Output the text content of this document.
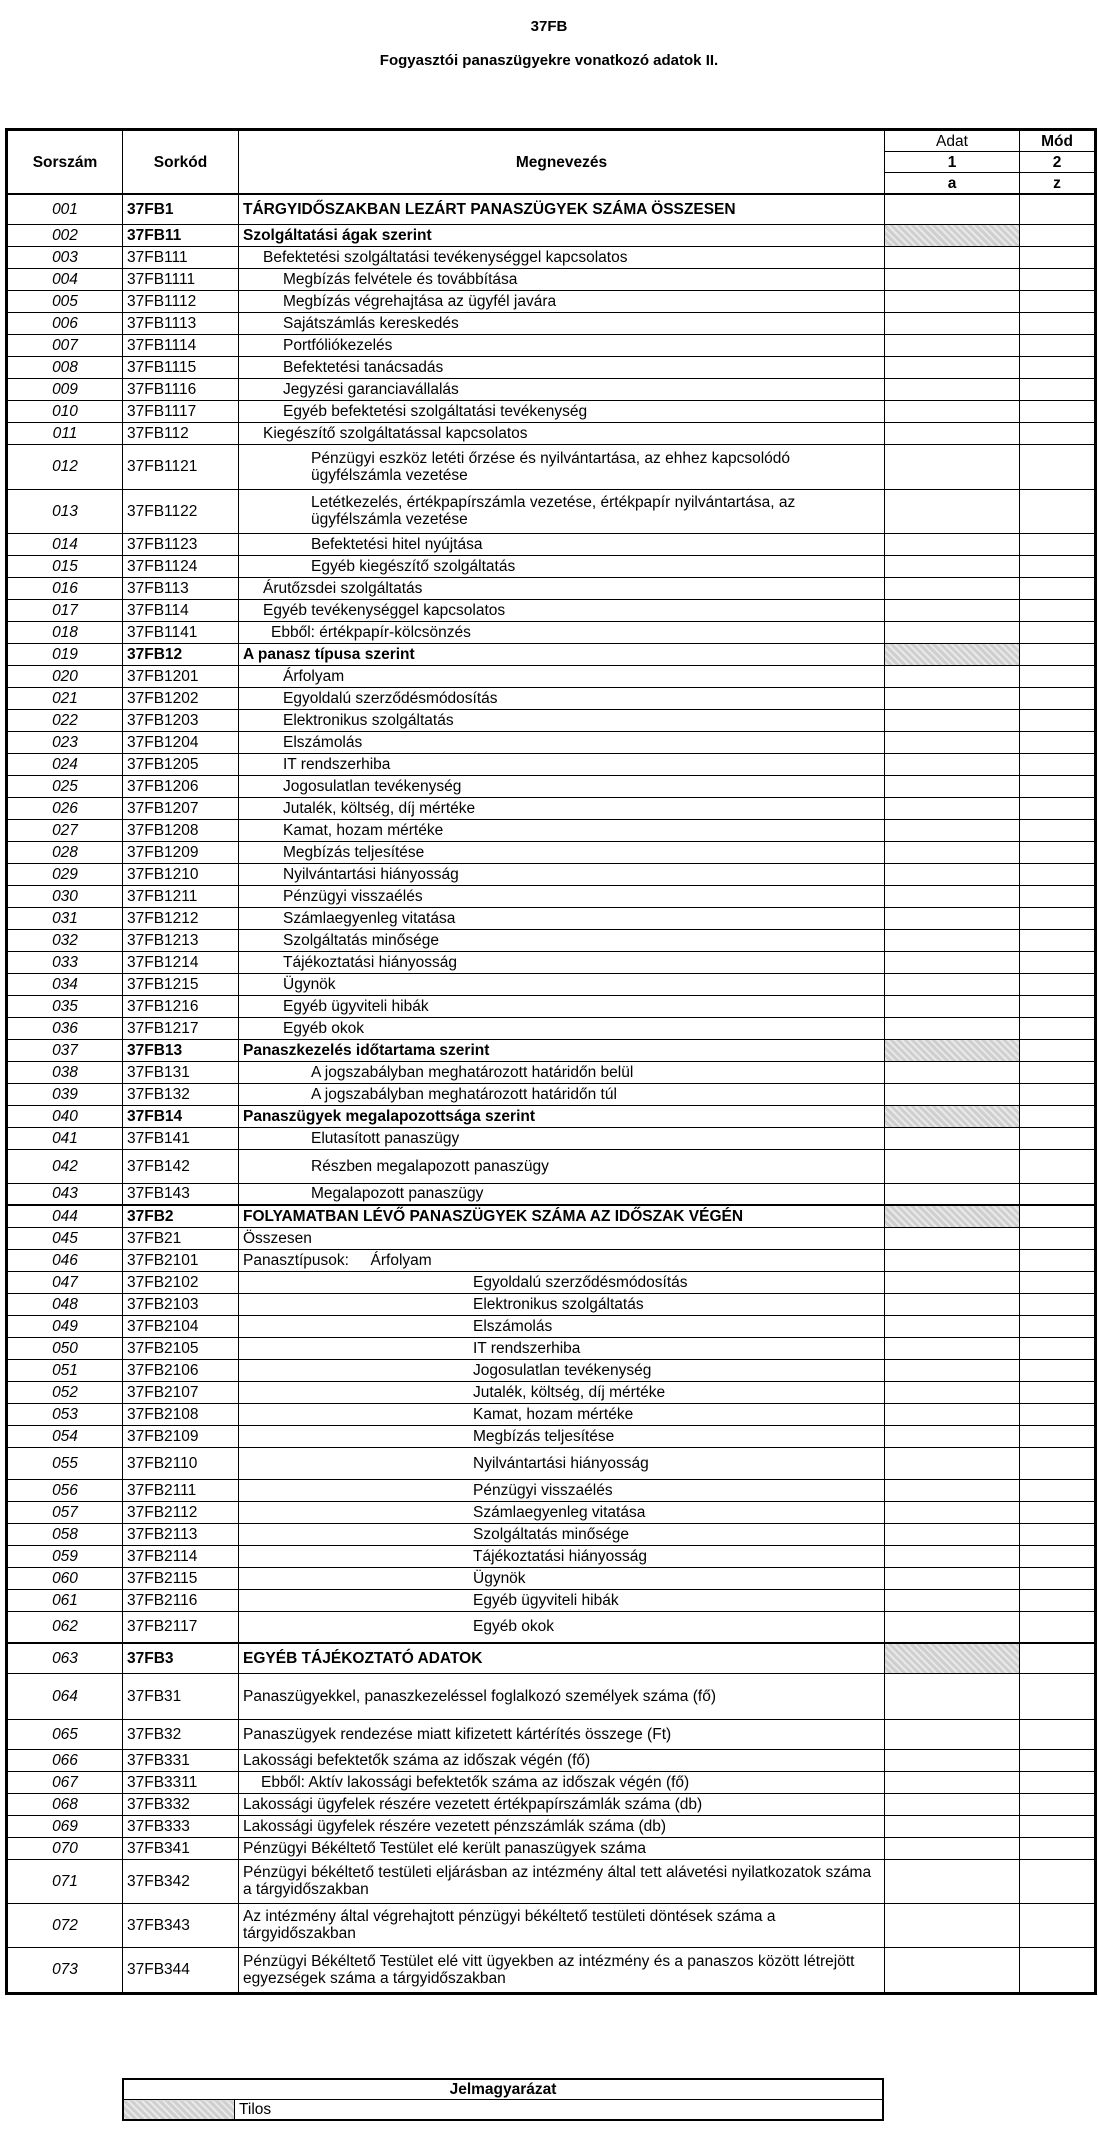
37FB
Fogyasztói panaszügyekre vonatkozó adatok II.
Sorszám	Sorkód	Megnevezés	Adat	Mód
			1	2
			a	z
001	37FB1	TÁRGYIDŐSZAKBAN LEZÁRT PANASZÜGYEK SZÁMA ÖSSZESEN		
002	37FB11	Szolgáltatási ágak szerint		
003	37FB111	Befektetési szolgáltatási tevékenységgel kapcsolatos		
004	37FB1111	Megbízás felvétele és továbbítása		
005	37FB1112	Megbízás végrehajtása az ügyfél javára		
006	37FB1113	Sajátszámlás kereskedés		
007	37FB1114	Portfóliókezelés		
008	37FB1115	Befektetési tanácsadás		
009	37FB1116	Jegyzési garanciavállalás		
010	37FB1117	Egyéb befektetési szolgáltatási tevékenység		
011	37FB112	Kiegészítő szolgáltatással kapcsolatos		
012	37FB1121	Pénzügyi eszköz letéti őrzése és nyilvántartása, az ehhez kapcsolódó ügyfélszámla vezetése		
013	37FB1122	Letétkezelés, értékpapírszámla vezetése, értékpapír nyilvántartása, az ügyfélszámla vezetése		
014	37FB1123	Befektetési hitel nyújtása		
015	37FB1124	Egyéb kiegészítő szolgáltatás		
016	37FB113	Árutőzsdei szolgáltatás		
017	37FB114	Egyéb tevékenységgel kapcsolatos		
018	37FB1141	Ebből: értékpapír-kölcsönzés		
019	37FB12	A panasz típusa szerint		
020	37FB1201	Árfolyam		
021	37FB1202	Egyoldalú szerződésmódosítás		
022	37FB1203	Elektronikus szolgáltatás		
023	37FB1204	Elszámolás		
024	37FB1205	IT rendszerhiba		
025	37FB1206	Jogosulatlan tevékenység		
026	37FB1207	Jutalék, költség, díj mértéke		
027	37FB1208	Kamat, hozam mértéke		
028	37FB1209	Megbízás teljesítése		
029	37FB1210	Nyilvántartási hiányosság		
030	37FB1211	Pénzügyi visszaélés		
031	37FB1212	Számlaegyenleg vitatása		
032	37FB1213	Szolgáltatás minősége		
033	37FB1214	Tájékoztatási hiányosság		
034	37FB1215	Ügynök		
035	37FB1216	Egyéb ügyviteli hibák		
036	37FB1217	Egyéb okok		
037	37FB13	Panaszkezelés időtartama szerint		
038	37FB131	A jogszabályban meghatározott határidőn belül		
039	37FB132	A jogszabályban meghatározott határidőn túl		
040	37FB14	Panaszügyek megalapozottsága szerint		
041	37FB141	Elutasított panaszügy		
042	37FB142	Részben megalapozott panaszügy		
043	37FB143	Megalapozott panaszügy		
044	37FB2	FOLYAMATBAN LÉVŐ PANASZÜGYEK SZÁMA AZ IDŐSZAK VÉGÉN		
045	37FB21	Összesen		
046	37FB2101	Panasztípusok:     Árfolyam		
047	37FB2102	Egyoldalú szerződésmódosítás		
048	37FB2103	Elektronikus szolgáltatás		
049	37FB2104	Elszámolás		
050	37FB2105	IT rendszerhiba		
051	37FB2106	Jogosulatlan tevékenység		
052	37FB2107	Jutalék, költség, díj mértéke		
053	37FB2108	Kamat, hozam mértéke		
054	37FB2109	Megbízás teljesítése		
055	37FB2110	Nyilvántartási hiányosság		
056	37FB2111	Pénzügyi visszaélés		
057	37FB2112	Számlaegyenleg vitatása		
058	37FB2113	Szolgáltatás minősége		
059	37FB2114	Tájékoztatási hiányosság		
060	37FB2115	Ügynök		
061	37FB2116	Egyéb ügyviteli hibák		
062	37FB2117	Egyéb okok		
063	37FB3	EGYÉB TÁJÉKOZTATÓ ADATOK		
064	37FB31	Panaszügyekkel, panaszkezeléssel foglalkozó személyek száma (fő)		
065	37FB32	Panaszügyek rendezése miatt kifizetett kártérítés összege (Ft)		
066	37FB331	Lakossági befektetők száma az időszak végén (fő)		
067	37FB3311	Ebből: Aktív lakossági befektetők száma az időszak végén (fő)		
068	37FB332	Lakossági ügyfelek részére vezetett értékpapírszámlák száma (db)		
069	37FB333	Lakossági ügyfelek részére vezetett pénzszámlák száma (db)		
070	37FB341	Pénzügyi Békéltető Testület elé került panaszügyek száma		
071	37FB342	Pénzügyi békéltető testületi eljárásban az intézmény által tett alávetési nyilatkozatok száma a tárgyidőszakban		
072	37FB343	Az intézmény által végrehajtott pénzügyi békéltető testületi döntések száma a tárgyidőszakban		
073	37FB344	Pénzügyi Békéltető Testület elé vitt ügyekben az intézmény és a panaszos között létrejött egyezségek száma a tárgyidőszakban		
Jelmagyarázat
	Tilos
